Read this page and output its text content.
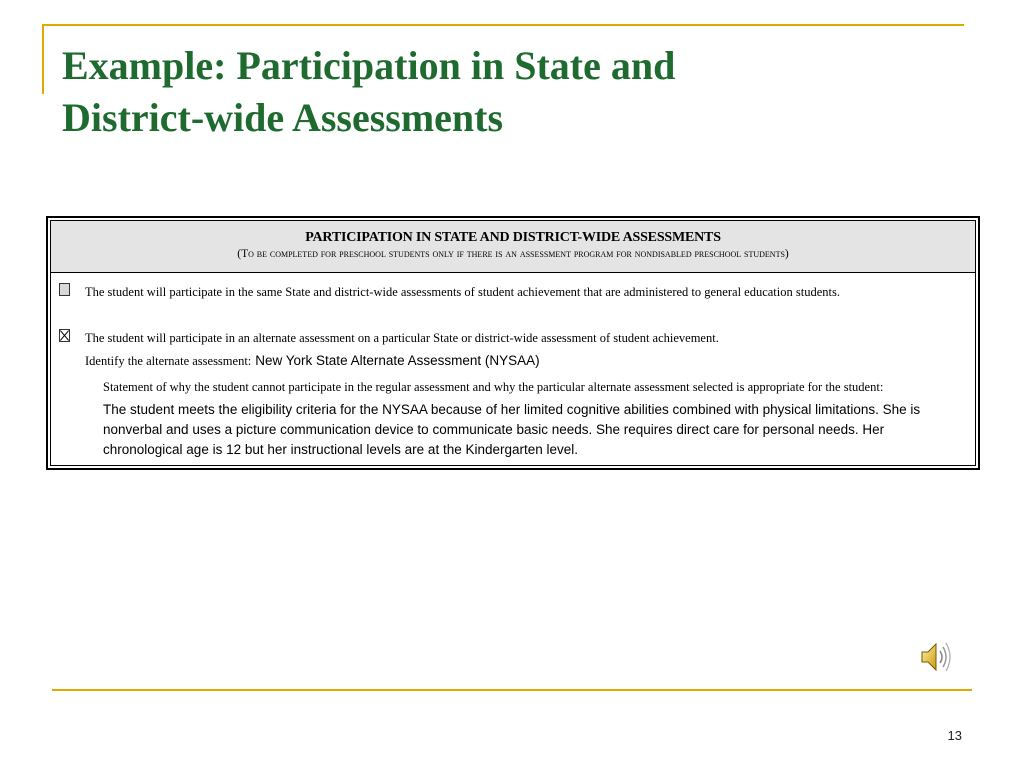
Example: Participation in State and
District-wide Assessments
PARTICIPATION IN STATE AND DISTRICT-WIDE ASSESSMENTS
(To be completed for preschool students only if there is an assessment program for nondisabled preschool students)
The student will participate in the same State and district-wide assessments of student achievement that are administered to general education students.
The student will participate in an alternate assessment on a particular State or district-wide assessment of student achievement.
Identify the alternate assessment: New York State Alternate Assessment (NYSAA)
Statement of why the student cannot participate in the regular assessment and why the particular alternate assessment selected is appropriate for the student:
The student meets the eligibility criteria for the NYSAA because of her limited cognitive abilities combined with physical limitations. She is
nonverbal and uses a picture communication device to communicate basic needs. She requires direct care for personal needs. Her
chronological age is 12 but her instructional levels are at the Kindergarten level.
13
